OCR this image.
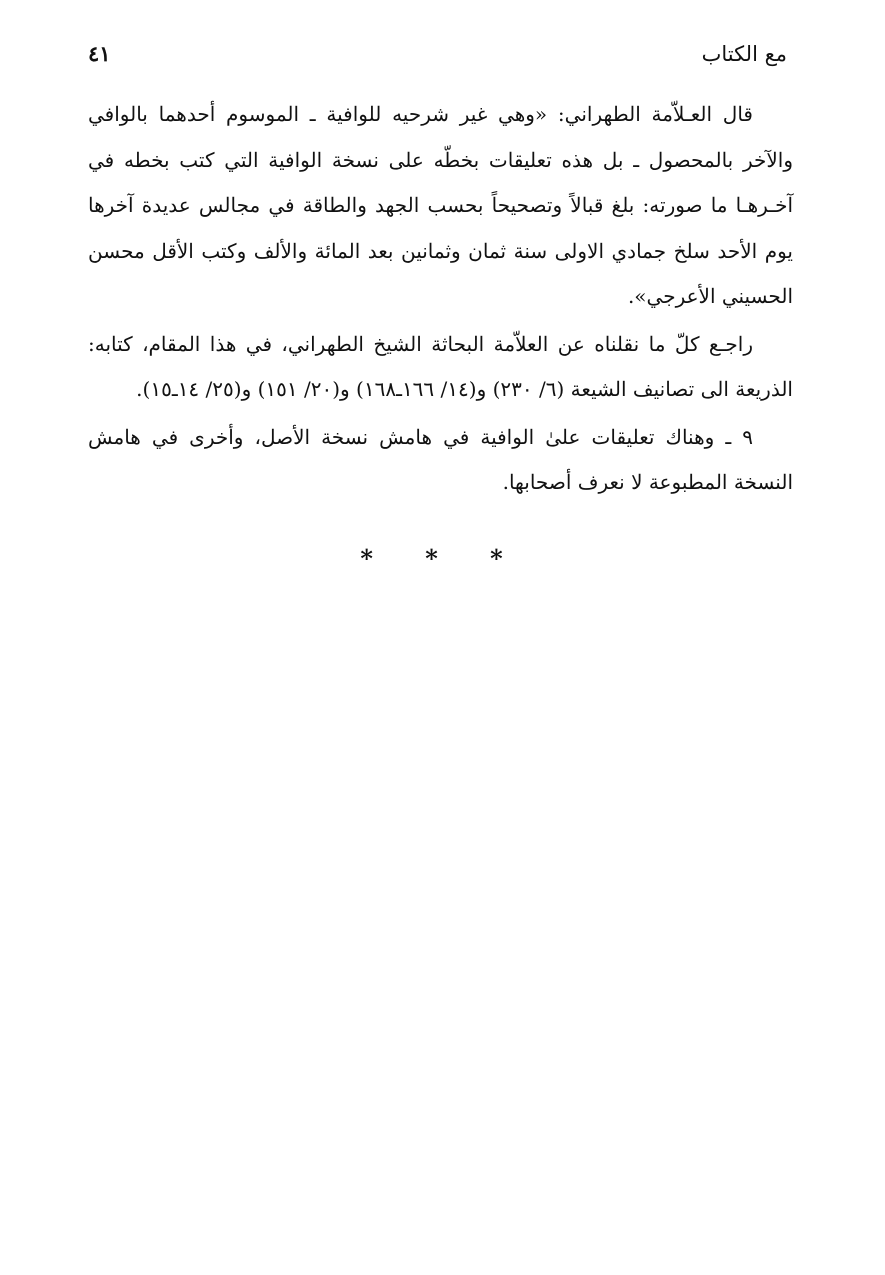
مع الكتاب
٤١

قال العـلاّمة الطهراني: «وهي غير شرحيه للوافية ـ الموسوم أحدهما بالوافي والآخر بالمحصول ـ بل هذه تعليقات بخطّه على نسخة الوافية التي كتب بخطه في آخـرهـا ما صورته: بلغ قبالاً وتصحيحاً بحسب الجهد والطاقة في مجالس عديدة آخرها يوم الأحد سلخ جمادي الاولى سنة ثمان وثمانين بعد المائة والألف وكتب الأقل محسن الحسيني الأعرجي».

راجـع كلّ ما نقلناه عن العلاّمة البحاثة الشيخ الطهراني، في هذا المقام، كتابه: الذريعة الى تصانيف الشيعة (٦/ ٢٣٠) و(١٤/ ١٦٦ـ١٦٨) و(٢٠/ ١٥١) و(٢٥/ ١٤ـ١٥).

٩ ـ وهناك تعليقات علىٰ الوافية في هامش نسخة الأصل، وأخرى في هامش النسخة المطبوعة لا نعرف أصحابها.

* * *
